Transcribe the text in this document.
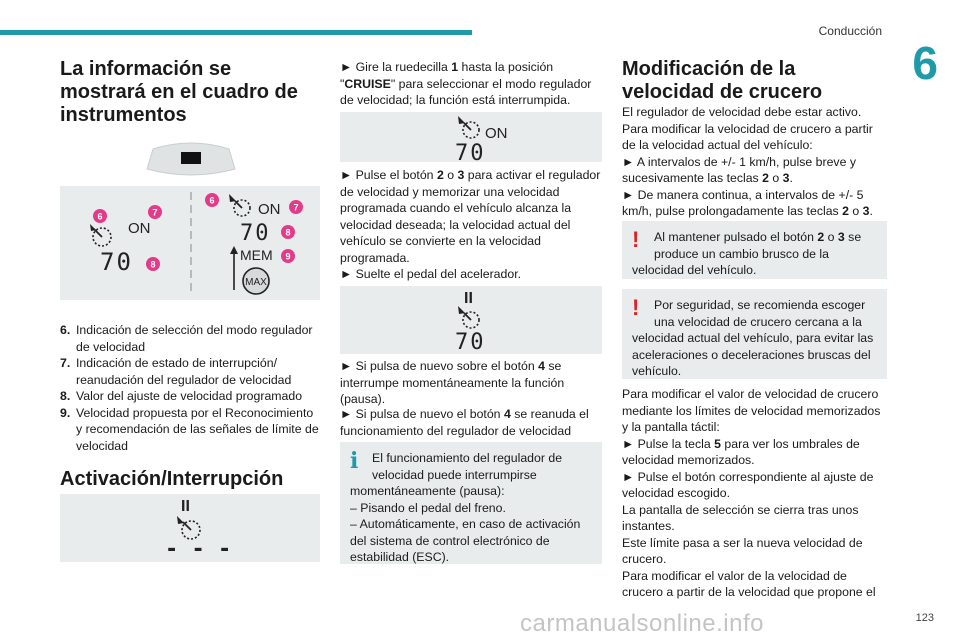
Conducción
6
carmanualsonline.info	123
La información se mostrará en el cuadro de instrumentos
6	7
ON
70 8
6
ON 7
70 8
MEM 9
MAX
6. Indicación de selección del modo regulador de velocidad
7. Indicación de estado de interrupción/ reanudación del regulador de velocidad
8. Valor del ajuste de velocidad programado
9. Velocidad propuesta por el Reconocimiento y recomendación de las señales de límite de velocidad
Activación/Interrupción
II
- - -

► Gire la ruedecilla 1 hasta la posición "CRUISE" para seleccionar el modo regulador de velocidad; la función está interrumpida.

ON
70

► Pulse el botón 2 o 3 para activar el regulador de velocidad y memorizar una velocidad programada cuando el vehículo alcanza la velocidad deseada; la velocidad actual del vehículo se convierte en la velocidad programada.

► Suelte el pedal del acelerador.

II
70

► Si pulsa de nuevo sobre el botón 4 se interrumpe momentáneamente la función (pausa).

► Si pulsa de nuevo el botón 4 se reanuda el funcionamiento del regulador de velocidad

i	El funcionamiento del regulador de velocidad puede interrumpirse

momentáneamente (pausa):

– Pisando el pedal del freno.

– Automáticamente, en caso de activación del sistema de control electrónico de estabilidad (ESC).

Modificación de la velocidad de crucero

El regulador de velocidad debe estar activo.

Para modificar la velocidad de crucero a partir de la velocidad actual del vehículo:

► A intervalos de +/- 1 km/h, pulse breve y sucesivamente las teclas 2 o 3.

► De manera continua, a intervalos de +/- 5 km/h, pulse prolongadamente las teclas 2 o 3.

!	Al mantener pulsado el botón 2 o 3 se

produce un cambio brusco de la

velocidad del vehículo.

!	Por seguridad, se recomienda escoger

una velocidad de crucero cercana a la

velocidad actual del vehículo, para evitar las aceleraciones o deceleraciones bruscas del vehículo.

Para modificar el valor de velocidad de crucero mediante los límites de velocidad memorizados y la pantalla táctil:

► Pulse la tecla 5 para ver los umbrales de velocidad memorizados.

► Pulse el botón correspondiente al ajuste de velocidad escogido.

La pantalla de selección se cierra tras unos instantes.

Este límite pasa a ser la nueva velocidad de crucero.

Para modificar el valor de la velocidad de crucero a partir de la velocidad que propone el
